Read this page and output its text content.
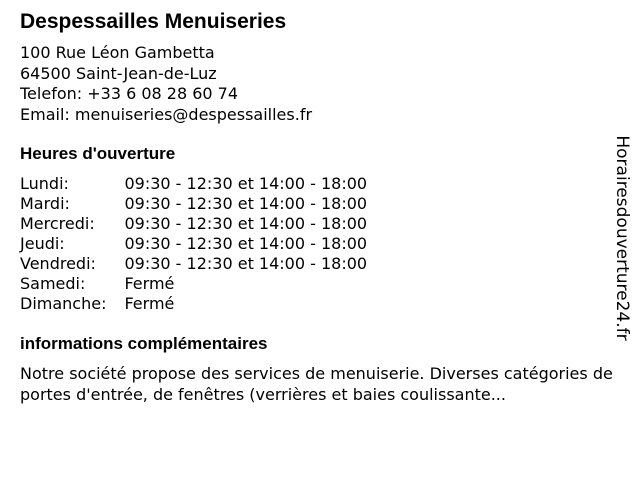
Despessailles Menuiseries
100 Rue Léon Gambetta
64500 Saint-Jean-de-Luz
Telefon: +33 6 08 28 60 74
Email: menuiseries@despessailles.fr
Heures d'ouverture
Lundi:	09:30 - 12:30 et 14:00 - 18:00
Mardi:	09:30 - 12:30 et 14:00 - 18:00
Mercredi:	09:30 - 12:30 et 14:00 - 18:00
Jeudi:	09:30 - 12:30 et 14:00 - 18:00
Vendredi:	09:30 - 12:30 et 14:00 - 18:00
Samedi:	Fermé
Dimanche:	Fermé
informations complémentaires

Notre société propose des services de menuiserie. Diverses catégories de portes d'entrée, de fenêtres (verrières et baies coulissante...

Horairesdouverture24.fr
